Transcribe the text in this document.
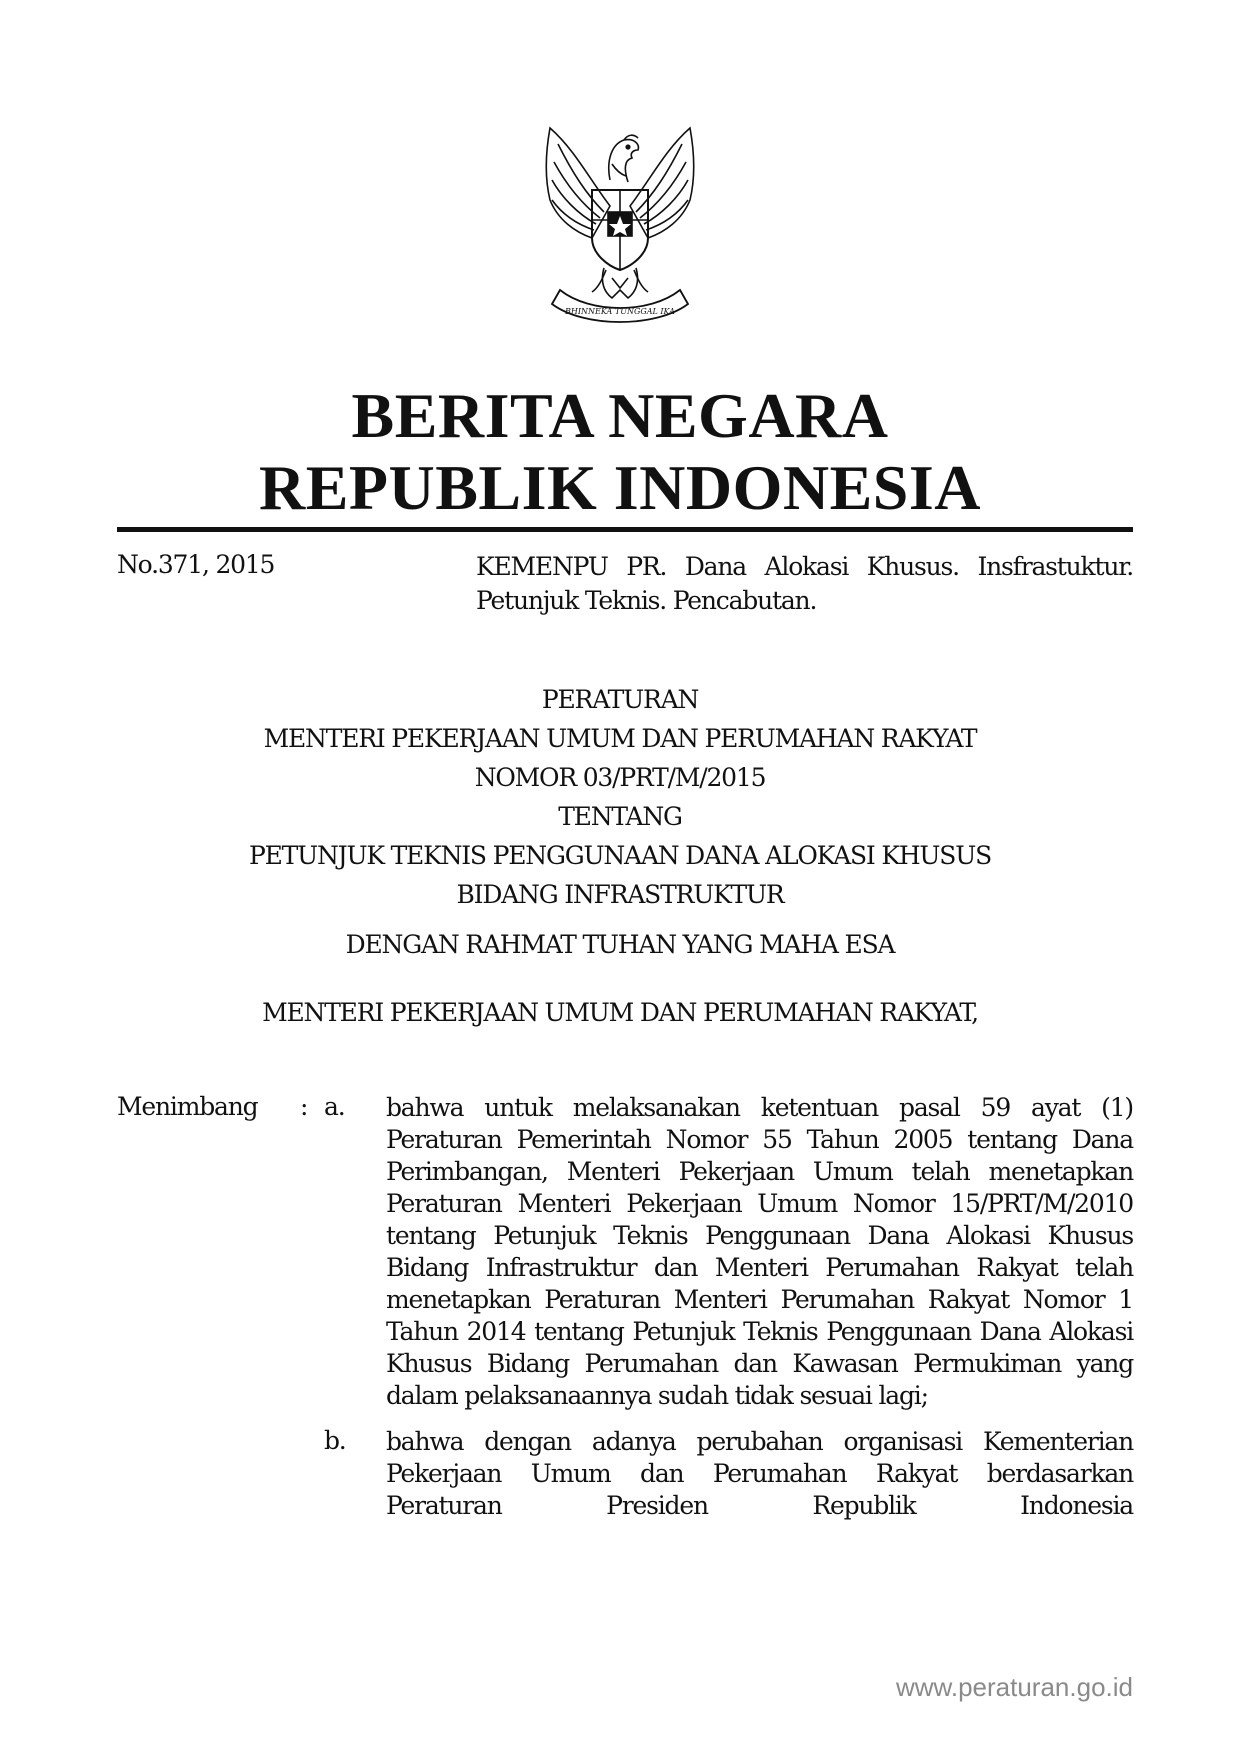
BHINNEKA TUNGGAL IKA
BERITA NEGARA
REPUBLIK INDONESIA
No.371, 2015	KEMENPU PR. Dana Alokasi Khusus. Insfrastuktur. Petunjuk Teknis. Pencabutan.
PERATURAN
MENTERI PEKERJAAN UMUM DAN PERUMAHAN RAKYAT
NOMOR 03/PRT/M/2015
TENTANG
PETUNJUK TEKNIS PENGGUNAAN DANA ALOKASI KHUSUS
BIDANG INFRASTRUKTUR
DENGAN RAHMAT TUHAN YANG MAHA ESA
MENTERI PEKERJAAN UMUM DAN PERUMAHAN RAKYAT,
Menimbang : a. bahwa untuk melaksanakan ketentuan pasal 59 ayat (1) Peraturan Pemerintah Nomor 55 Tahun 2005 tentang Dana Perimbangan, Menteri Pekerjaan Umum telah menetapkan Peraturan Menteri Pekerjaan Umum Nomor 15/PRT/M/2010 tentang Petunjuk Teknis Penggunaan Dana Alokasi Khusus Bidang Infrastruktur dan Menteri Perumahan Rakyat telah menetapkan Peraturan Menteri Perumahan Rakyat Nomor 1 Tahun 2014 tentang Petunjuk Teknis Penggunaan Dana Alokasi Khusus Bidang Perumahan dan Kawasan Permukiman yang dalam pelaksanaannya sudah tidak sesuai lagi;
b. bahwa dengan adanya perubahan organisasi Kementerian Pekerjaan Umum dan Perumahan Rakyat berdasarkan Peraturan Presiden Republik Indonesia
www.peraturan.go.id
